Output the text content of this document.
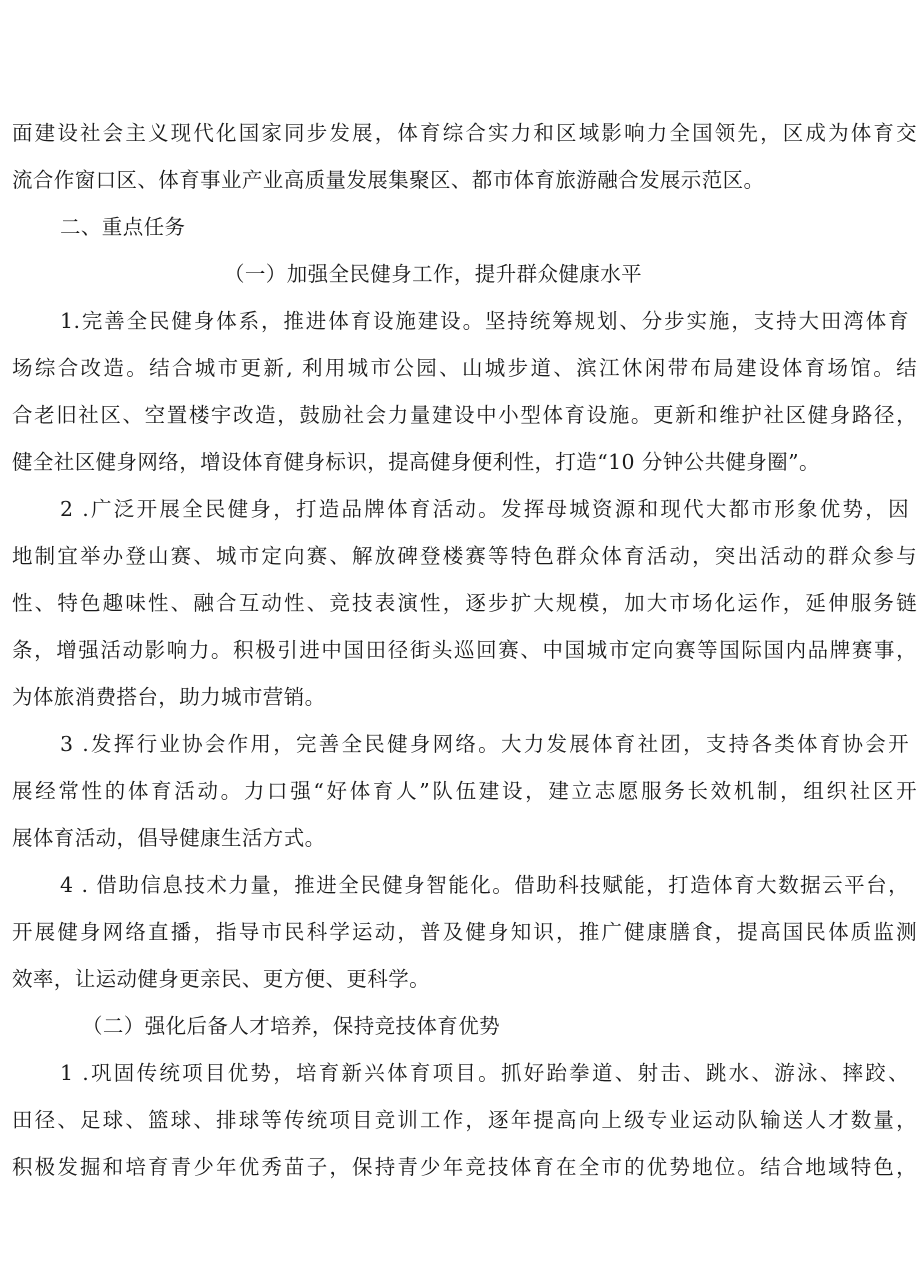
面建设社会主义现代化国家同步发展，体育综合实力和区域影响力全国领先，区成为体育交
流合作窗口区、体育事业产业高质量发展集聚区、都市体育旅游融合发展示范区。
二、重点任务
（一）加强全民健身工作，提升群众健康水平
1.完善全民健身体系，推进体育设施建设。坚持统筹规划、分步实施，支持大田湾体育
场综合改造。结合城市更新, 利用城市公园、山城步道、滨江休闲带布局建设体育场馆。结
合老旧社区、空置楼宇改造，鼓励社会力量建设中小型体育设施。更新和维护社区健身路径，
健全社区健身网络，增设体育健身标识，提高健身便利性，打造“10 分钟公共健身圈”。
2 .广泛开展全民健身，打造品牌体育活动。发挥母城资源和现代大都市形象优势，因
地制宜举办登山赛、城市定向赛、解放碑登楼赛等特色群众体育活动，突出活动的群众参与
性、特色趣味性、融合互动性、竞技表演性，逐步扩大规模，加大市场化运作，延伸服务链
条，增强活动影响力。积极引进中国田径街头巡回赛、中国城市定向赛等国际国内品牌赛事，
为体旅消费搭台，助力城市营销。
3 .发挥行业协会作用，完善全民健身网络。大力发展体育社团，支持各类体育协会开
展经常性的体育活动。力口强“好体育人”队伍建设，建立志愿服务长效机制，组织社区开
展体育活动，倡导健康生活方式。
4 . 借助信息技术力量，推进全民健身智能化。借助科技赋能，打造体育大数据云平台，
开展健身网络直播，指导市民科学运动，普及健身知识，推广健康膳食，提高国民体质监测
效率，让运动健身更亲民、更方便、更科学。
（二）强化后备人才培养，保持竞技体育优势
1 .巩固传统项目优势，培育新兴体育项目。抓好跆拳道、射击、跳水、游泳、摔跤、
田径、足球、篮球、排球等传统项目竞训工作，逐年提高向上级专业运动队输送人才数量，
积极发掘和培育青少年优秀苗子，保持青少年竞技体育在全市的优势地位。结合地域特色，
